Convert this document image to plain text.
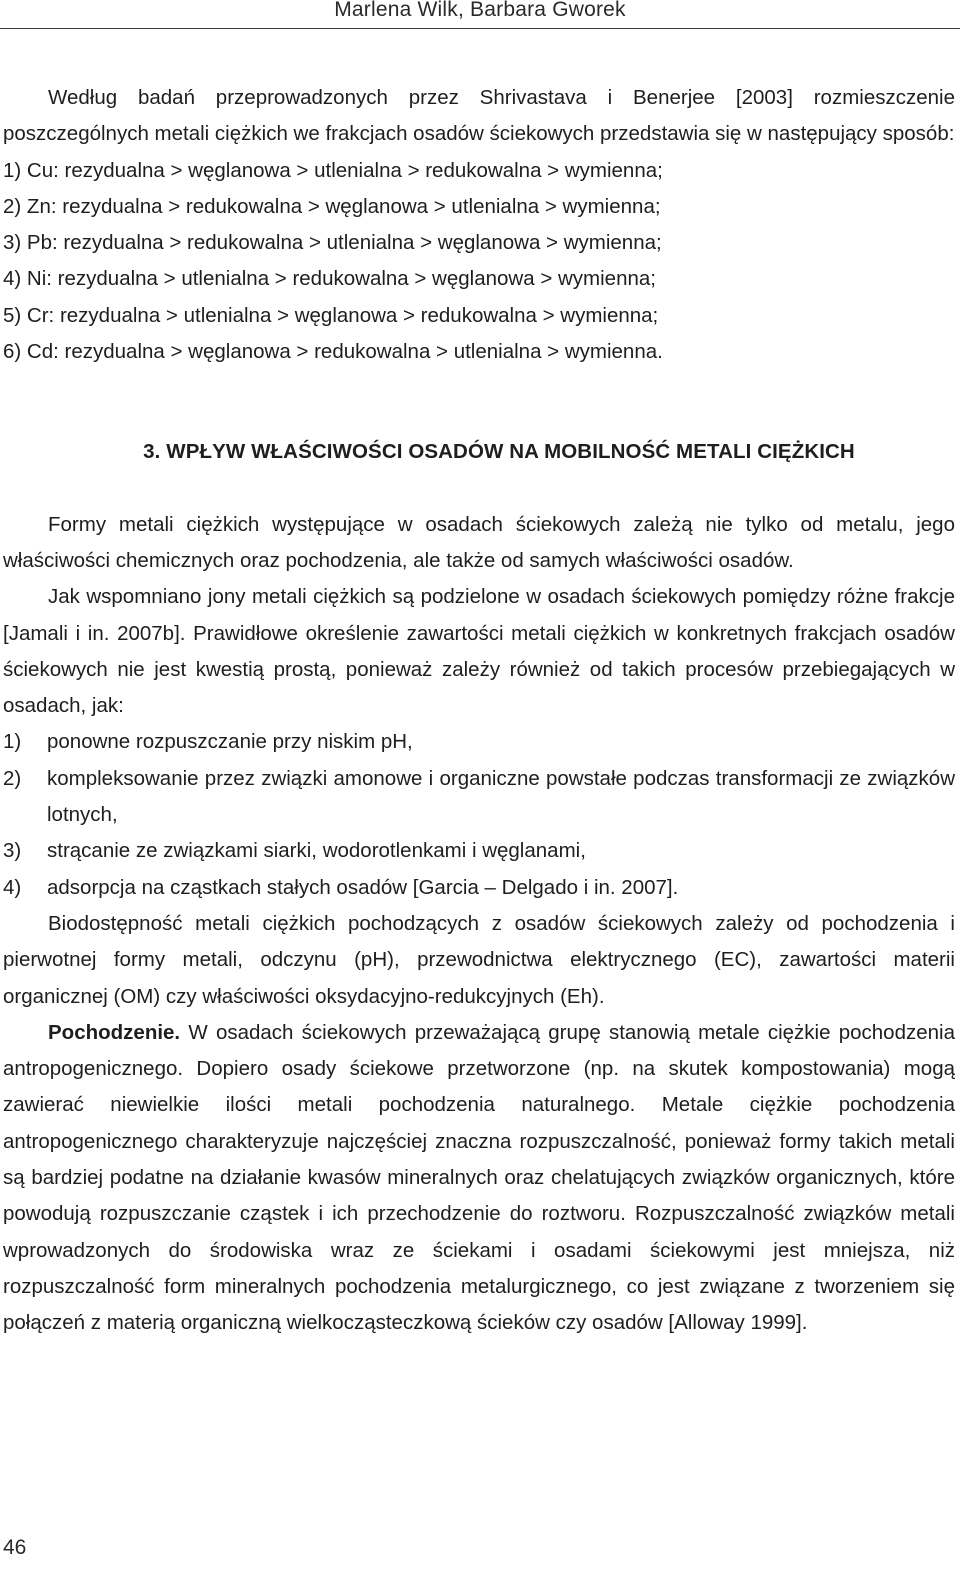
Marlena Wilk, Barbara Gworek

Według badań przeprowadzonych przez Shrivastava i Benerjee [2003] rozmieszczenie poszczególnych metali ciężkich we frakcjach osadów ściekowych przedstawia się w następujący sposób:

1) Cu: rezydualna > węglanowa > utlenialna > redukowalna > wymienna;

2) Zn: rezydualna > redukowalna > węglanowa > utlenialna > wymienna;

3) Pb: rezydualna > redukowalna > utlenialna > węglanowa > wymienna;

4) Ni: rezydualna > utlenialna > redukowalna > węglanowa > wymienna;

5) Cr: rezydualna > utlenialna > węglanowa > redukowalna > wymienna;

6) Cd: rezydualna > węglanowa > redukowalna > utlenialna > wymienna.

3. WPŁYW WŁAŚCIWOŚCI OSADÓW NA MOBILNOŚĆ METALI CIĘŻKICH

Formy metali ciężkich występujące w osadach ściekowych zależą nie tylko od metalu, jego właściwości chemicznych oraz pochodzenia, ale także od samych właściwości osadów.

Jak wspomniano jony metali ciężkich są podzielone w osadach ściekowych pomiędzy różne frakcje [Jamali i in. 2007b]. Prawidłowe określenie zawartości metali ciężkich w konkretnych frakcjach osadów ściekowych nie jest kwestią prostą, ponieważ zależy również od takich procesów przebiegających w osadach, jak:

1)	ponowne rozpuszczanie przy niskim pH,
2)	kompleksowanie przez związki amonowe i organiczne powstałe podczas transformacji ze związków lotnych,
3)	strącanie ze związkami siarki, wodorotlenkami i węglanami,
4)	adsorpcja na cząstkach stałych osadów [Garcia – Delgado i in. 2007].

Biodostępność metali ciężkich pochodzących z osadów ściekowych zależy od pochodzenia i pierwotnej formy metali, odczynu (pH), przewodnictwa elektrycznego (EC), zawartości materii organicznej (OM) czy właściwości oksydacyjno-redukcyjnych (Eh).

Pochodzenie. W osadach ściekowych przeważającą grupę stanowią metale ciężkie pochodzenia antropogenicznego. Dopiero osady ściekowe przetworzone (np. na skutek kompostowania) mogą zawierać niewielkie ilości metali pochodzenia naturalnego. Metale ciężkie pochodzenia antropogenicznego charakteryzuje najczęściej znaczna rozpuszczalność, ponieważ formy takich metali są bardziej podatne na działanie kwasów mineralnych oraz chelatujących związków organicznych, które powodują rozpuszczanie cząstek i ich przechodzenie do roztworu. Rozpuszczalność związków metali wprowadzonych do środowiska wraz ze ściekami i osadami ściekowymi jest mniejsza, niż rozpuszczalność form mineralnych pochodzenia metalurgicznego, co jest związane z tworzeniem się połączeń z materią organiczną wielkocząsteczkową ścieków czy osadów [Alloway 1999].

46
